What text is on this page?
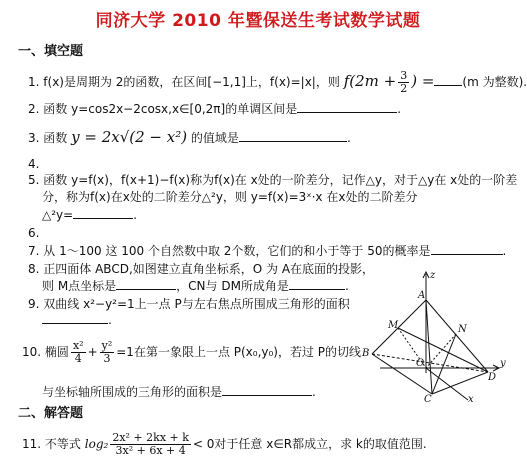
同济大学 2010 年暨保送生考试数学试题
一、填空题
1. f(x)是周期为 2的函数，在区间[−1,1]上，f(x)=|x|，则 $f(2m + \frac{3}{2}$ ) = (m 为整数).
2. 函数 y=cos2x−2cosx,x∈[0,2π]的单调区间是	.
3. 函数 y = 2x√(2 − x²) 的值域是	.
4.
5. 函数 y=f(x)，f(x+1)−f(x)称为f(x)在 x处的一阶差分，记作△y，对于△y在 x处的一阶差
分，称为f(x)在x处的二阶差分△²y，则 y=f(x)=3ˣ·x 在x处的二阶差分
△²y=	.
6.
7. 从 1～100 这 100 个自然数中取 2个数，它们的和小于等于 50的概率是	.
8. 正四面体 ABCD,如图建立直角坐标系，O 为 A在底面的投影，
则 M点坐标是	，CN与 DM所成角是	.
9. 双曲线 x²−y²=1上一点 P与左右焦点所围成三角形的面积
.
10. 椭圆 $\frac{\text{x²}}{4} + \frac{\text{y²}}{3} =1$在第一象限上一点 P(x₀,y₀)，若过 P的切线
与坐标轴所围成的三角形的面积是	.
二、解答题
11. 不等式 $\log_2 \frac{\text{2x² + 2kx + k}}{\text{3x² + 6x + 4}} < 0$对于任意 x∈R都成立，求 k的取值范围.
z
A
M	N
B
O
D
C
y
x
